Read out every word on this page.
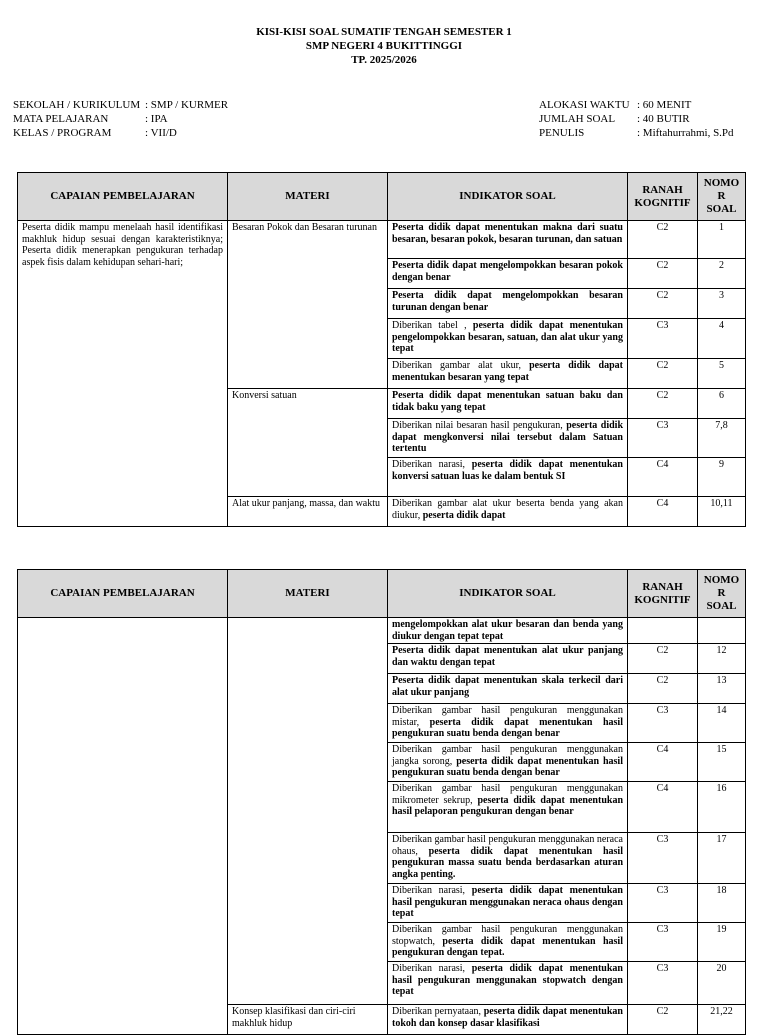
KISI-KISI SOAL SUMATIF TENGAH SEMESTER 1
SMP NEGERI 4 BUKITTINGGI
TP. 2025/2026
SEKOLAH / KURIKULUM	: SMP / KURMER
MATA PELAJARAN	: IPA
KELAS / PROGRAM	: VII/D
ALOKASI WAKTU	: 60 MENIT
JUMLAH SOAL	: 40 BUTIR
PENULIS	: Miftahurrahmi, S.Pd
CAPAIAN PEMBELAJARAN	MATERI	INDIKATOR SOAL	RANAH KOGNITIF	NOMO R SOAL
Peserta didik mampu menelaah hasil identifikasi makhluk hidup sesuai dengan karakteristiknya; Peserta didik menerapkan pengukuran terhadap aspek fisis dalam kehidupan sehari-hari;	Besaran Pokok dan Besaran turunan	Peserta didik dapat menentukan makna dari suatu besaran, besaran pokok, besaran turunan, dan satuan	C2	1
		Peserta didik dapat mengelompokkan besaran pokok dengan benar	C2	2
		Peserta didik dapat mengelompokkan besaran turunan dengan benar	C2	3
		Diberikan tabel , peserta didik dapat menentukan pengelompokkan besaran, satuan, dan alat ukur yang tepat	C3	4
		Diberikan gambar alat ukur, peserta didik dapat menentukan besaran yang tepat	C2	5
	Konversi satuan	Peserta didik dapat menentukan satuan baku dan tidak baku yang tepat	C2	6
		Diberikan nilai besaran hasil pengukuran, peserta didik dapat mengkonversi nilai tersebut dalam Satuan tertentu	C3	7,8
		Diberikan narasi, peserta didik dapat menentukan konversi satuan luas ke dalam bentuk SI	C4	9
	Alat ukur panjang, massa, dan waktu	Diberikan gambar alat ukur beserta benda yang akan diukur, peserta didik dapat	C4	10,11
CAPAIAN PEMBELAJARAN	MATERI	INDIKATOR SOAL	RANAH KOGNITIF	NOMO R SOAL
		mengelompokkan alat ukur besaran dan benda yang diukur dengan tepat tepat		
		Peserta didik dapat menentukan alat ukur panjang dan waktu dengan tepat	C2	12
		Peserta didik dapat menentukan skala terkecil dari alat ukur panjang	C2	13
		Diberikan gambar hasil pengukuran menggunakan mistar, peserta didik dapat menentukan hasil pengukuran suatu benda dengan benar	C3	14
		Diberikan gambar hasil pengukuran menggunakan jangka sorong, peserta didik dapat menentukan hasil pengukuran suatu benda dengan benar	C4	15
		Diberikan gambar hasil pengukuran menggunakan mikrometer sekrup, peserta didik dapat menentukan hasil pelaporan pengukuran dengan benar	C4	16
		Diberikan gambar hasil pengukuran menggunakan neraca ohaus, peserta didik dapat menentukan hasil pengukuran massa suatu benda berdasarkan aturan angka penting.	C3	17
		Diberikan narasi, peserta didik dapat menentukan hasil pengukuran menggunakan neraca ohaus dengan tepat	C3	18
		Diberikan gambar hasil pengukuran menggunakan stopwatch, peserta didik dapat menentukan hasil pengukuran dengan tepat.	C3	19
		Diberikan narasi, peserta didik dapat menentukan hasil pengukuran menggunakan stopwatch dengan tepat	C3	20
	Konsep klasifikasi dan ciri-ciri makhluk hidup	Diberikan pernyataan, peserta didik dapat menentukan tokoh dan konsep dasar klasifikasi	C2	21,22
